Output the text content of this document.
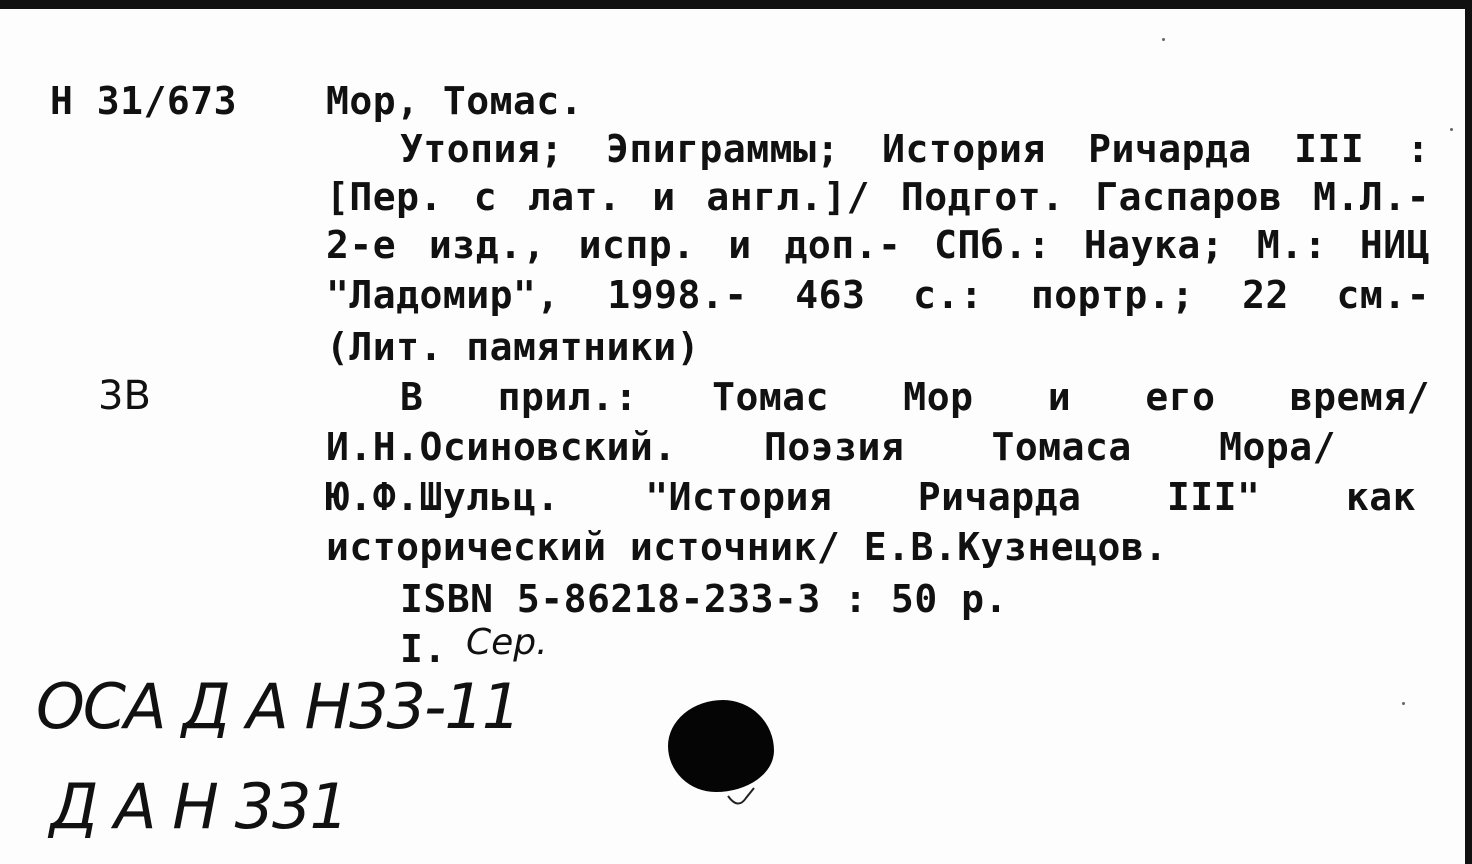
Н 31/673
3В
Мор, Томас.
Утопия; Эпиграммы; История Ричарда III :
[Пер. с лат. и англ.]/ Подгот. Гаспаров М.Л.-
2-е изд., испр. и доп.- СПб.: Наука; М.: НИЦ
"Ладомир", 1998.- 463 с.: портр.; 22 см.-
(Лит. памятники)
В прил.: Томас Мор и его время/
И.Н.Осиновский. Поэзия Томаса Мора/
Ю.Ф.Шульц. "История Ричарда III" как
исторический источник/ Е.В.Кузнецов.
ISBN 5-86218-233-3 : 50 р.
I. Сер.
ОСА Д А Н33-11
Д А Н 331
